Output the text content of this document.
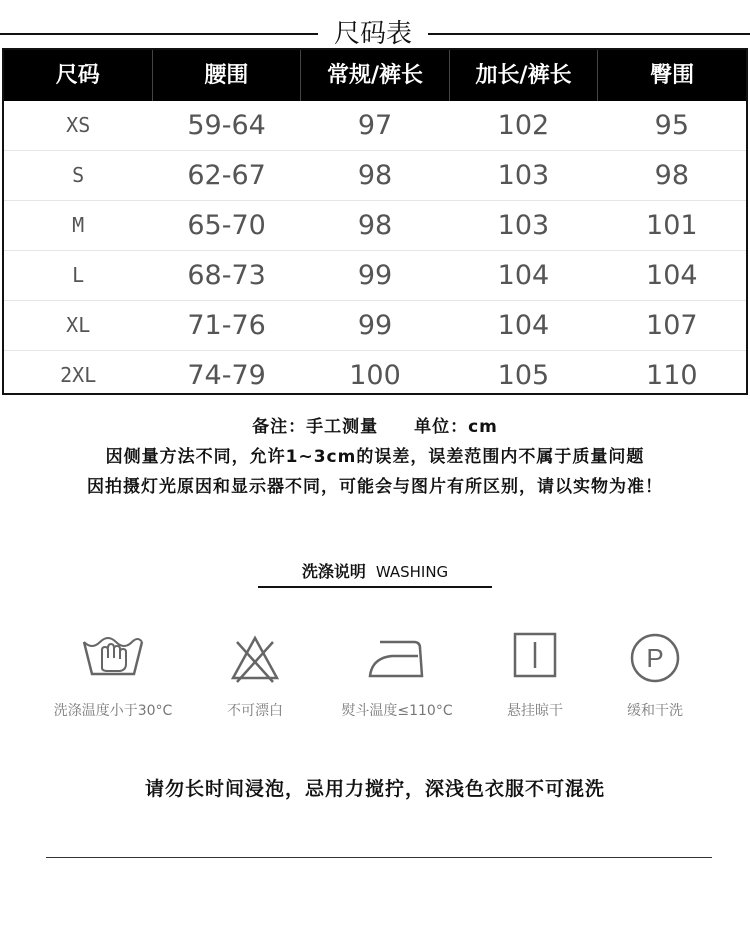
尺码表
尺码	腰围	常规/裤长	加长/裤长	臀围
XS	59-64	97	102	95
S	62-67	98	103	98
M	65-70	98	103	101
L	68-73	99	104	104
XL	71-76	99	104	107
2XL	74-79	100	105	110
备注：手工测量　　单位：cm
因侧量方法不同，允许1~3cm的误差，误差范围内不属于质量问题
因拍摄灯光原因和显示器不同，可能会与图片有所区别，请以实物为准！
洗涤说明 WASHING
洗涤温度小于30°C	不可漂白	熨斗温度≤110°C	悬挂晾干
P
缓和干洗
请勿长时间浸泡，忌用力搅拧，深浅色衣服不可混洗
